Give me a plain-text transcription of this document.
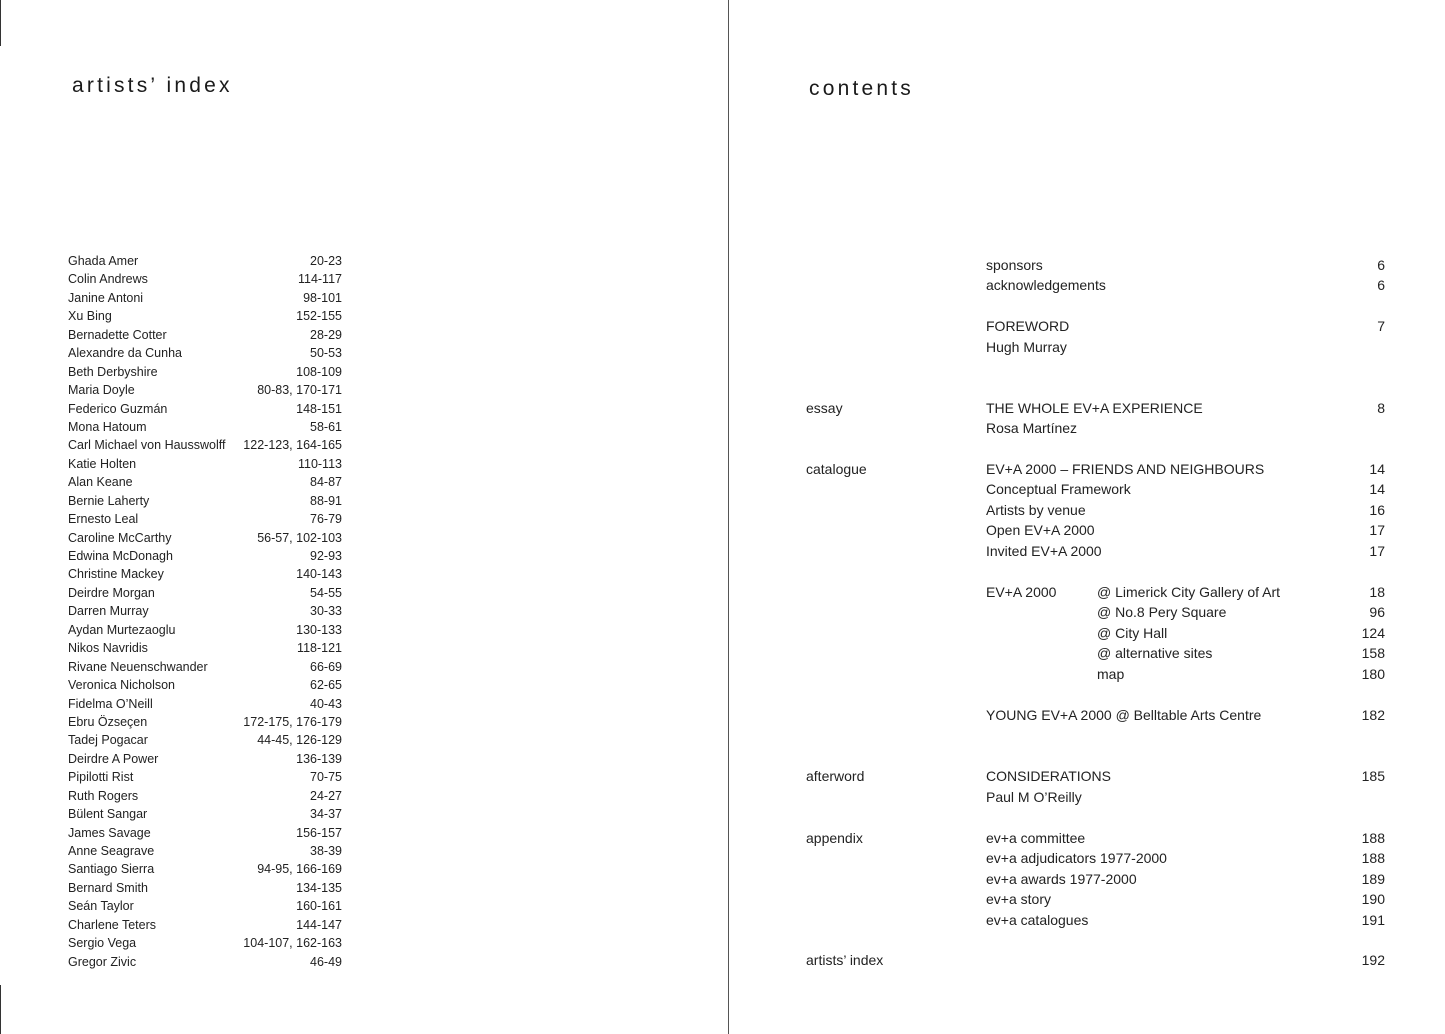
artists’ index
Ghada Amer	20-23
Colin Andrews	114-117
Janine Antoni	98-101
Xu Bing	152-155
Bernadette Cotter	28-29
Alexandre da Cunha	50-53
Beth Derbyshire	108-109
Maria Doyle	80-83, 170-171
Federico Guzmán	148-151
Mona Hatoum	58-61
Carl Michael von Hausswolff 122-123, 164-165
Katie Holten	110-113
Alan Keane	84-87
Bernie Laherty	88-91
Ernesto Leal	76-79
Caroline McCarthy	56-57, 102-103
Edwina McDonagh	92-93
Christine Mackey	140-143
Deirdre Morgan	54-55
Darren Murray	30-33
Aydan Murtezaoglu	130-133
Nikos Navridis	118-121
Rivane Neuenschwander	66-69
Veronica Nicholson	62-65
Fidelma O’Neill	40-43
Ebru Özseçen	172-175, 176-179
Tadej Pogacar	44-45, 126-129
Deirdre A Power	136-139
Pipilotti Rist	70-75
Ruth Rogers	24-27
Bülent Sangar	34-37
James Savage	156-157
Anne Seagrave	38-39
Santiago Sierra	94-95, 166-169
Bernard Smith	134-135
Seán Taylor	160-161
Charlene Teters	144-147
Sergio Vega	104-107, 162-163
Gregor Zivic	46-49
contents
sponsors	6
acknowledgements	6
FOREWORD	7
Hugh Murray
essay	THE WHOLE EV+A EXPERIENCE	8
Rosa Martínez
catalogue	EV+A 2000 – FRIENDS AND NEIGHBOURS	14
Conceptual Framework	14
Artists by venue	16
Open EV+A 2000	17
Invited EV+A 2000	17
EV+A 2000	@ Limerick City Gallery of Art	18
@ No.8 Pery Square	96
@ City Hall	124
@ alternative sites	158
map	180
YOUNG EV+A 2000 @ Belltable Arts Centre	182
afterword	CONSIDERATIONS	185
Paul M O’Reilly
appendix	ev+a committee	188
ev+a adjudicators 1977-2000	188
ev+a awards 1977-2000	189
ev+a story	190
ev+a catalogues	191
artists’ index	192
